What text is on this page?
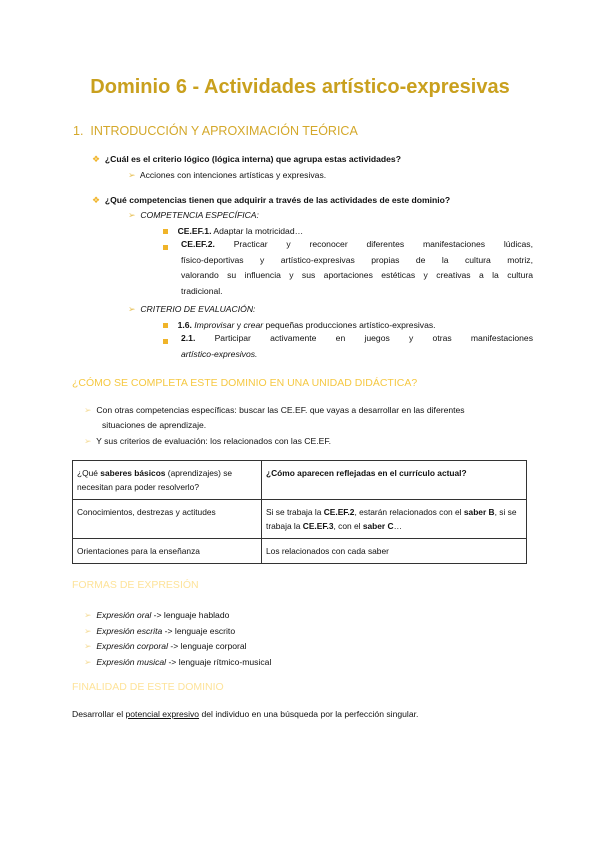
Dominio 6 - Actividades artístico-expresivas
1. INTRODUCCIÓN Y APROXIMACIÓN TEÓRICA
❖ ¿Cuál es el criterio lógico (lógica interna) que agrupa estas actividades?
➢ Acciones con intenciones artísticas y expresivas.
❖ ¿Qué competencias tienen que adquirir a través de las actividades de este dominio?
➢ COMPETENCIA ESPECÍFICA:
CE.EF.1. Adaptar la motricidad…
CE.EF.2. Practicar y reconocer diferentes manifestaciones lúdicas,
físico-deportivas y artístico-expresivas propias de la cultura motriz,
valorando su influencia y sus aportaciones estéticas y creativas a la cultura
tradicional.
➢ CRITERIO DE EVALUACIÓN:
1.6. Improvisar y crear pequeñas producciones artístico-expresivas.
2.1. Participar activamente en juegos y otras manifestaciones
artístico-expresivos.
¿CÓMO SE COMPLETA ESTE DOMINIO EN UNA UNIDAD DIDÁCTICA?
➢ Con otras competencias específicas: buscar las CE.EF. que vayas a desarrollar en las diferentes
situaciones de aprendizaje.
➢ Y sus criterios de evaluación: los relacionados con las CE.EF.
¿Qué saberes básicos (aprendizajes) se necesitan para poder resolverlo?	¿Cómo aparecen reflejadas en el currículo actual?
Conocimientos, destrezas y actitudes	Si se trabaja la CE.EF.2, estarán relacionados con el saber B, si se trabaja la CE.EF.3, con el saber C…
Orientaciones para la enseñanza	Los relacionados con cada saber
FORMAS DE EXPRESIÓN
➢ Expresión oral -> lenguaje hablado
➢ Expresión escrita -> lenguaje escrito
➢ Expresión corporal -> lenguaje corporal
➢ Expresión musical -> lenguaje rítmico-musical
FINALIDAD DE ESTE DOMINIO
Desarrollar el potencial expresivo del individuo en una búsqueda por la perfección singular.
